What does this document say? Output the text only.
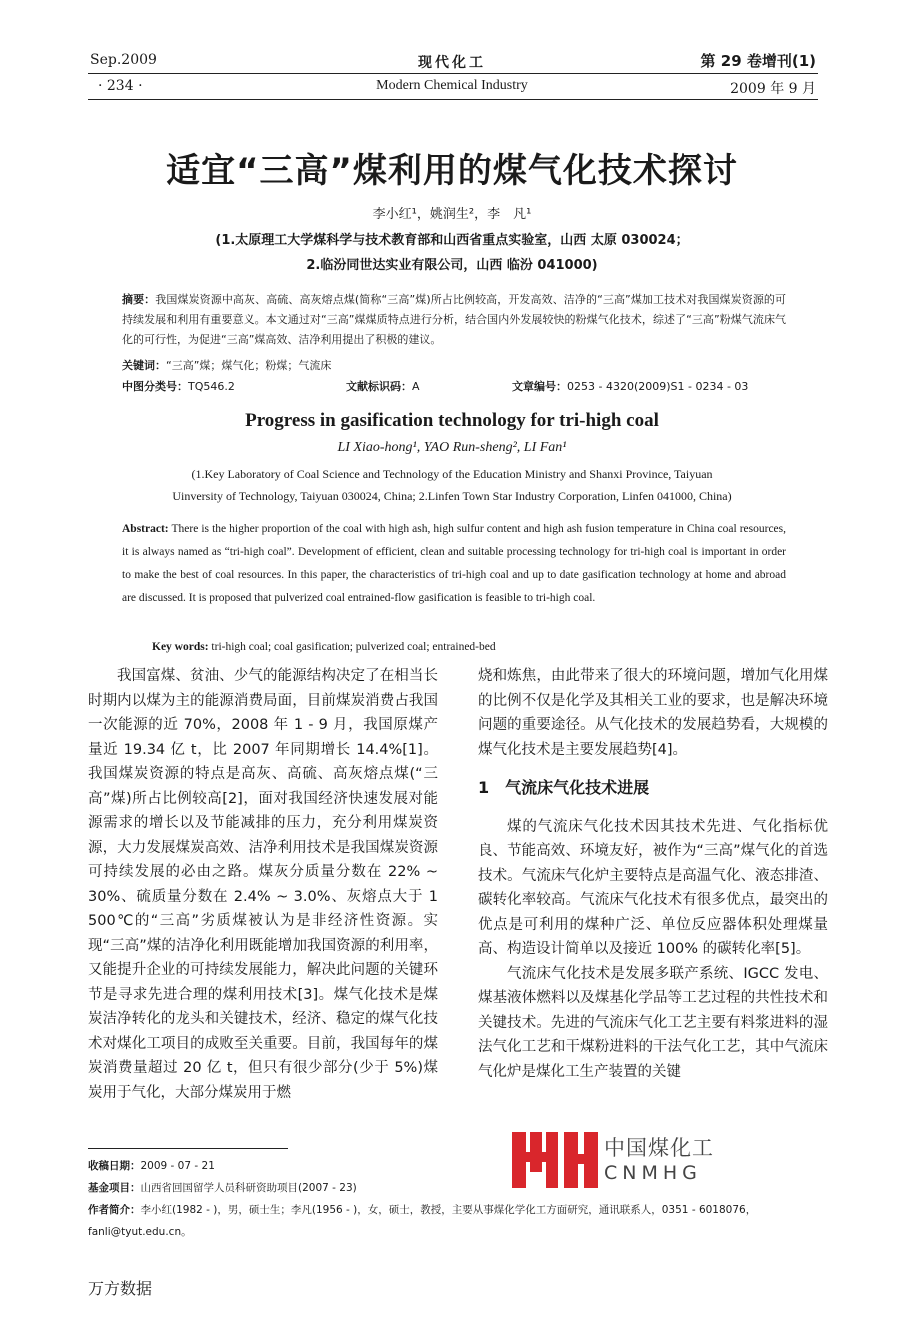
Sep.2009
· 234 ·
现代化工
Modern Chemical Industry
第 29 卷增刊(1)
2009 年 9 月
适宜“三高”煤利用的煤气化技术探讨
李小红¹，姚润生²，李　凡¹
(1.太原理工大学煤科学与技术教育部和山西省重点实验室，山西 太原 030024；
2.临汾同世达实业有限公司，山西 临汾 041000)
摘要：我国煤炭资源中高灰、高硫、高灰熔点煤(简称“三高”煤)所占比例较高，开发高效、洁净的“三高”煤加工技术对我国煤炭资源的可持续发展和利用有重要意义。本文通过对“三高”煤煤质特点进行分析，结合国内外发展较快的粉煤气化技术，综述了“三高”粉煤气流床气化的可行性，为促进“三高”煤高效、洁净利用提出了积极的建议。
关键词：“三高”煤；煤气化；粉煤；气流床
中图分类号：TQ546.2	文献标识码：A	文章编号：0253 - 4320(2009)S1 - 0234 - 03
Progress in gasification technology for tri-high coal
LI Xiao-hong¹, YAO Run-sheng², LI Fan¹
(1.Key Laboratory of Coal Science and Technology of the Education Ministry and Shanxi Province, Taiyuan
Uinversity of Technology, Taiyuan 030024, China; 2.Linfen Town Star Industry Corporation, Linfen 041000, China)
Abstract: There is the higher proportion of the coal with high ash, high sulfur content and high ash fusion temperature in China coal resources, it is always named as “tri-high coal”. Development of efficient, clean and suitable processing technology for tri-high coal is important in order to make the best of coal resources. In this paper, the characteristics of tri-high coal and up to date gasification technology at home and abroad are discussed. It is proposed that pulverized coal entrained-flow gasification is feasible to tri-high coal.
Key words: tri-high coal; coal gasification; pulverized coal; entrained-bed

我国富煤、贫油、少气的能源结构决定了在相当长时期内以煤为主的能源消费局面，目前煤炭消费占我国一次能源的近 70%，2008 年 1 - 9 月，我国原煤产量近 19.34 亿 t，比 2007 年同期增长 14.4%[1]。我国煤炭资源的特点是高灰、高硫、高灰熔点煤(“三高”煤)所占比例较高[2]，面对我国经济快速发展对能源需求的增长以及节能减排的压力，充分利用煤炭资源，大力发展煤炭高效、洁净利用技术是我国煤炭资源可持续发展的必由之路。煤灰分质量分数在 22% ~ 30%、硫质量分数在 2.4% ~ 3.0%、灰熔点大于 1 500℃的“三高”劣质煤被认为是非经济性资源。实现“三高”煤的洁净化利用既能增加我国资源的利用率，又能提升企业的可持续发展能力，解决此问题的关键环节是寻求先进合理的煤利用技术[3]。煤气化技术是煤炭洁净转化的龙头和关键技术，经济、稳定的煤气化技术对煤化工项目的成败至关重要。目前，我国每年的煤炭消费量超过 20 亿 t，但只有很少部分(少于 5%)煤炭用于气化，大部分煤炭用于燃

烧和炼焦，由此带来了很大的环境问题，增加气化用煤的比例不仅是化学及其相关工业的要求，也是解决环境问题的重要途径。从气化技术的发展趋势看，大规模的煤气化技术是主要发展趋势[4]。

1　气流床气化技术进展

煤的气流床气化技术因其技术先进、气化指标优良、节能高效、环境友好，被作为“三高”煤气化的首选技术。气流床气化炉主要特点是高温气化、液态排渣、碳转化率较高。气流床气化技术有很多优点，最突出的优点是可利用的煤种广泛、单位反应器体积处理煤量高、构造设计简单以及接近 100% 的碳转化率[5]。

气流床气化技术是发展多联产系统、IGCC 发电、煤基液体燃料以及煤基化学品等工艺过程的共性技术和关键技术。先进的气流床气化工艺主要有料浆进料的湿法气化工艺和干煤粉进料的干法气化工艺，其中气流床气化炉是煤化工生产装置的关键

收稿日期：2009 - 07 - 21
基金项目：山西省回国留学人员科研资助项目(2007 - 23)
作者简介：李小红(1982 - )，男，硕士生；李凡(1956 - )，女，硕士，教授，主要从事煤化学化工方面研究，通讯联系人，0351 - 6018076，fanli@tyut.edu.cn。
中国煤化工
CNMHG
万方数据
